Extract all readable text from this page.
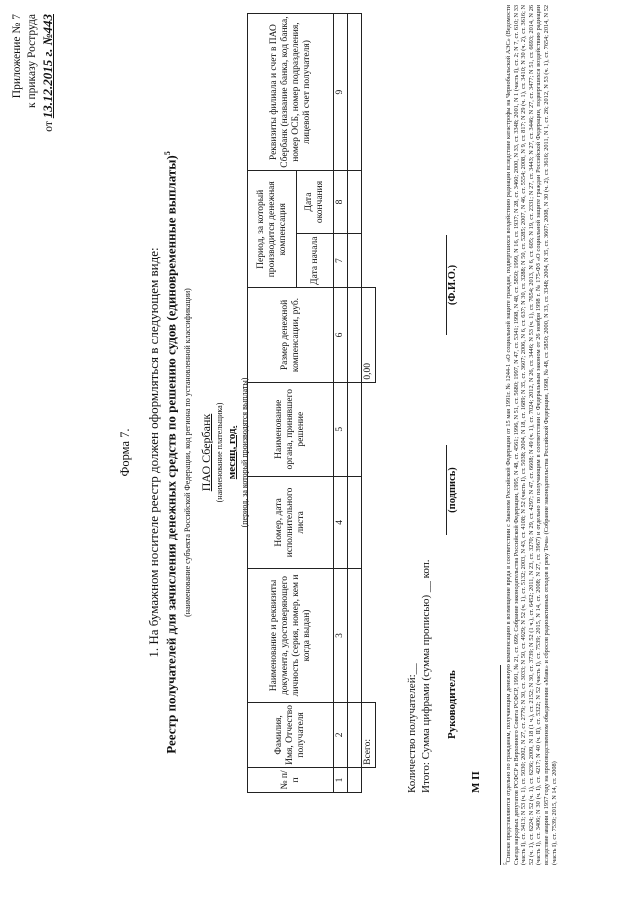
Приложение № 7 к приказу Роструда
от 13.12.2015 г. №443
Форма 7. 1. На бумажном носителе реестр должен оформляться в следующем виде: Реестр получателей для зачисления денежных средств по решению судов (единовременные выплаты)$^5$
(наименование субъекта Российской Федерации, код региона по установленной классификации) ПАО Сбербанк (наименование плательщика) месяц, год. (период, за который производятся выплаты)
№ п/п	Фамилия, Имя, Отчество получателя	Наименование и реквизиты документа, удостоверяющего личность (серия, номер, кем и когда выдан)	Номер, дата исполнительного листа	Наименование органа, принявшего решение	Размер денежной компенсации, руб.	Период, за который производится денежная компенсация		Реквизиты филиала и счет в ПАО Сбербанк (название банка, код банка, номер ОСБ, номер подразделения, лицевой счет получателя)
						Дата начала	Дата окончания	
1	2	3	4	5	6	7	8	9

	Всего:				0,00			
Количество получателей:__ Итого: Сумма цифрами (сумма прописью) __ коп. Руководитель
(подпись)
(Ф.И.О.)
М П
$^5$Списки представляются отдельно по гражданам, получающим денежную компенсацию в возмещение вреда в соответствии с Законом Российской Федерации от 15 мая 1991г. № 1244-1 «О социальной защите граждан, подвергшихся воздействию радиации вследствие катастрофы на Чернобыльской АЭС» (Ведомости Съезда народных депутатов РСФСР и Верховного Совета РСФСР, 1991, № 21, ст. 699; Собрание законодательства Российской Федерации, 1995, N 48, ст. 4561; 1996, N 51, ст. 5680; 1997, N 47, ст. 5341; 1998, N 48, ст. 5850; 1999, N 16, ст. 1937; N 28, ст. 3460; 2000, N 33, ст. 3348; 2001, N 1 (часть I), ст. 2; N 7, ст. 610; N 33 (часть I), ст. 3413; N 53 (ч. 1), ст. 5030; 2002, N 27, ст. 2779; N 30, ст. 3033; N 50, ст. 4929; N 52 (ч. 1), ст. 5132; 2003, N 43, ст. 4108; N 52 (часть I), ст. 5038; 2004, N 18, ст. 1689; N 35, ст. 3607; 2006, N 6, ст. 637; N 30, ст. 3288; N 50, ст. 5285; 2007, N 46, ст. 5554; 2008, N 9, ст. 817; N 29 (ч. 1), ст. 3410; N 30 (ч. 2), ст. 3616; N 52 (ч. 1), ст. 6224; N 52 (ч. 1), ст. 6236; 2009, N 18 (1 ч.), ст. 2152; N 30, ст. 3739; N 52 (1 ч.), ст. 6452; 2011, N 23, ст. 3270; N 29, ст. 4297; N 47, ст. 6608; N 49 (ч. 1), ст. 7024; 2012, N 26, ст. 3446; N 53 (ч. 1), ст. 7654; 2013, N 6, ст. 605; N 19, ст. 2331; N 27, ст. 3443; N 27, ст. 3446; N 27, ст. 3477; N 51, ст. 6693; 2014, N 26 (часть I), ст. 3406; N 30 (ч. I), ст. 4217; N 40 (ч. II), ст. 5322; N 52 (часть I), ст. 7539; 2015, N 14, ст. 2008; N 27, ст. 3967) и отдельно по получающим в соответствии с Федеральным законом от 26 ноября 1998 г. № 175-ФЗ «О социальной защите граждан Российской Федерации, подвергшихся воздействию радиации вследствие аварии в 1957 году на производственном объединении «Маяк» и сбросов радиоактивных отходов в реку Теча» (Собрание законодательства Российской Федерации, 1998, № 48, ст. 5850; 2000, N 33, ст. 3348; 2004, N 35, ст. 3607; 2008, N 30 (ч. 2), ст. 3616; 2011, N 1, ст. 26; 2012, N 53 (ч. 1), ст. 7654; 2014, N 52 (часть I), ст. 7539; 2015, N 14, ст. 2008)
